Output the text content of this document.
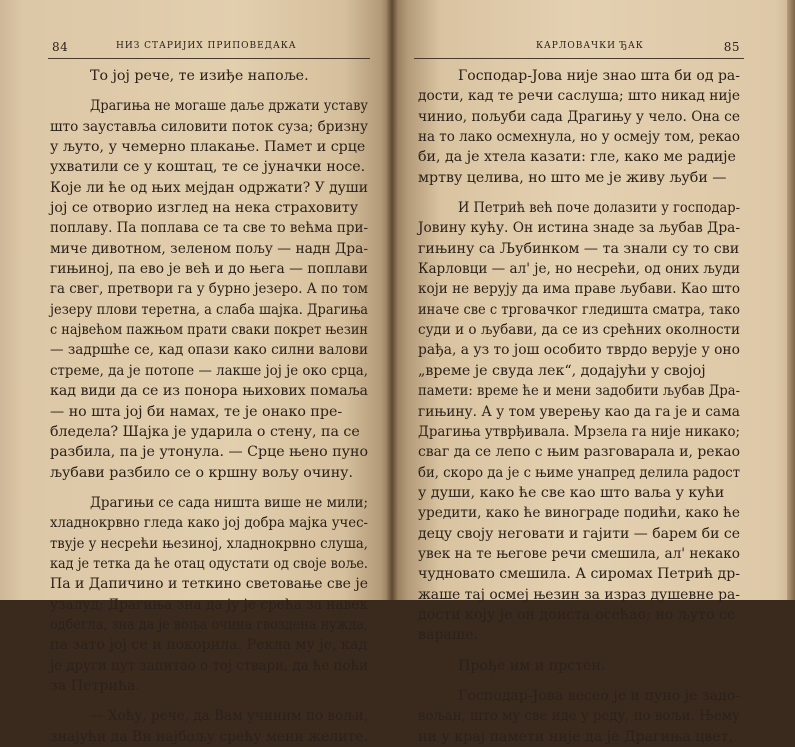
84	НИЗ СТАРИЈИХ ПРИПОВЕДАКА
То јој рече, те изиђе напоље.
Драгиња не могаше даље држати уставу
што зауставља силовити поток суза; бризну
у љуто, у чемерно плакање. Памет и срце
ухватили се у коштац, те се јуначки носе.
Које ли ће од њих мејдан одржати? У души
јој се отворио изглед на нека страховиту
поплаву. Па поплава се та све то већма при-
миче дивотном, зеленом пољу — надн Дра-
гињиној, па ево је већ и до њега — поплави
га свег, претвори га у бурно језеро. А по том
језеру плови теретна, а слаба шајка. Драгиња
с највећом пажњом прати сваки покрет њезин
— задршће се, кад опази како силни валови
стреме, да је потопе — лакше јој је око срца,
кад види да се из понора њихових помаља
— но шта јој би намах, те је онако пре-
бледела? Шајка је ударила о стену, па се
разбила, па је утонула. — Срце њено пуно
љубави разбило се о кршну вољу очину.
Драгињи се сада ништа више не мили;
хладнокрвно гледа како јој добра мајка учес-
твује у несрећи њезиној, хладнокрвно слуша,
кад је тетка да ће отац одустати од своје воље.
Па и Дапичино и теткино световање све је
узалуд; Драгиња зна да ју је срећа за навек
одбегла, зна да је воља очина гвоздена нужда,
па зато јој се и покорила. Рекла му је, кад
је други пут запитао о тој ствари, да ће поћи
за Петрића.
— Хоћу, рече, да Вам учиним по вољи,
знајући да Ви најбољу срећу мени желите.
КАРЛОВАЧКИ ЂАК	85
Господар-Јова није знао шта би од ра-
дости, кад те речи саслуша; што никад није
чинио, пољуби сада Драгињу у чело. Она се
на то лако осмехнула, но у осмеју том, рекао
би, да је хтела казати: гле, како ме радије
мртву целива, но што ме је живу љуби —
И Петрић већ поче долазити у господар-
Јовину кућу. Он истина знаде за љубав Дра-
гињину са Љубинком — та знали су то сви
Карловци — ал' је, но несрећи, од оних људи
који не верују да има праве љубави. Као што
иначе све с трговачког гледишта сматра, тако
суди и о љубави, да се из срећних околности
рађа, а уз то још особито тврдо верује у оно
„време је свуда лек“, додајући у својој
памети: време ће и мени задобити љубав Дра-
гињину. А у том уверењу као да га је и сама
Драгиња утврђивала. Мрзела га није никако;
сваг да се лепо с њим разговарала и, рекао
би, скоро да је с њиме унапред делила радост
у души, како ће све као што ваља у кући
уредити, како ће винограде подићи, како ће
децу своју неговати и гајити — барем би се
увек на те његове речи смешила, ал' некако
чудновато смешила. А сиромах Петрић др-
жаше тај осмеј њезин за израз душевне ра-
дости коју је он доиста осећао; но љуто се
вараше.
Прође им и прстен.
Господар-Јова весео је и пуно је задо-
вољан, што му све иде у реду, по вољи. Њему
ни у крај памети није да је Драгиња цвет,
